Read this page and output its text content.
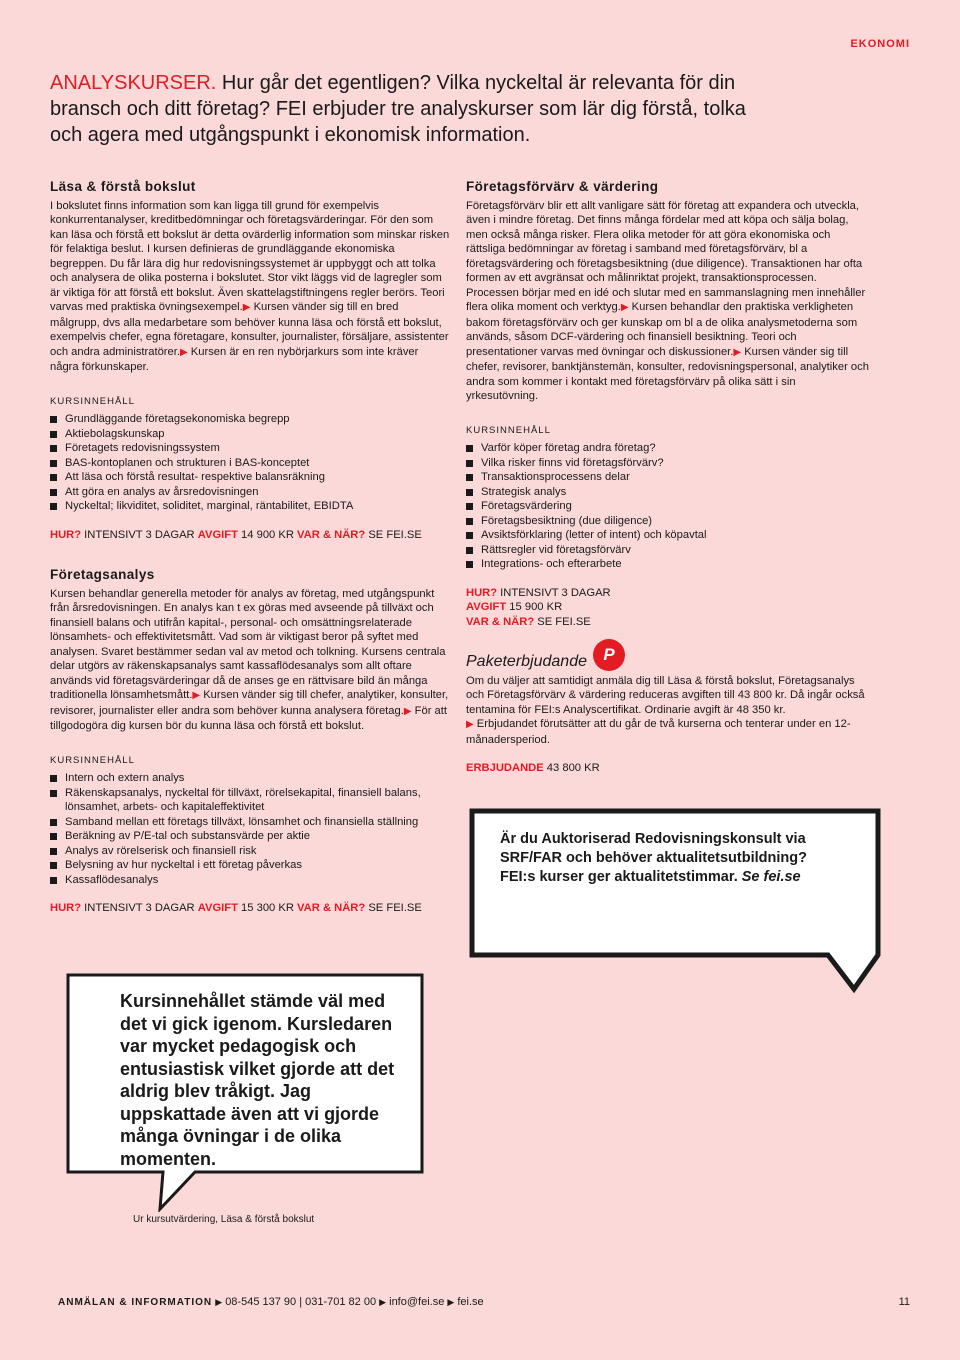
EKONOMI
ANALYSKURSER. Hur går det egentligen? Vilka nyckeltal är relevanta för din bransch och ditt företag? FEI erbjuder tre analyskurser som lär dig förstå, tolka och agera med utgångspunkt i ekonomisk information.
Läsa & förstå bokslut

I bokslutet finns information som kan ligga till grund för exempelvis konkurrentanalyser, kreditbedömningar och företagsvärderingar. För den som kan läsa och förstå ett bokslut är detta ovärderlig information som minskar risken för felaktiga beslut. I kursen definieras de grundläggande ekonomiska begreppen. Du får lära dig hur redovisningssystemet är uppbyggt och att tolka och analysera de olika posterna i bokslutet. Stor vikt läggs vid de lagregler som är viktiga för att förstå ett bokslut. Även skattelagstiftningens regler berörs. Teori varvas med praktiska övningsexempel.▶ Kursen vänder sig till en bred målgrupp, dvs alla medarbetare som behöver kunna läsa och förstå ett bokslut, exempelvis chefer, egna företagare, konsulter, journalister, försäljare, assistenter och andra administratörer.▶ Kursen är en ren nybörjarkurs som inte kräver några förkunskaper.

KURSINNEHÅLL
Grundläggande företagsekonomiska begrepp
Aktiebolagskunskap
Företagets redovisningssystem
BAS-kontoplanen och strukturen i BAS-konceptet
Att läsa och förstå resultat- respektive balansräkning
Att göra en analys av årsredovisningen
Nyckeltal; likviditet, soliditet, marginal, räntabilitet, EBIDTA

HUR? INTENSIVT 3 DAGAR AVGIFT 14 900 KR VAR & NÄR? SE FEI.SE

Företagsanalys

Kursen behandlar generella metoder för analys av företag, med utgångspunkt från årsredovisningen. En analys kan t ex göras med avseende på tillväxt och finansiell balans och utifrån kapital-, personal- och omsättningsrelaterade lönsamhets- och effektivitetsmått. Vad som är viktigast beror på syftet med analysen. Svaret bestämmer sedan val av metod och tolkning. Kursens centrala delar utgörs av räkenskapsanalys samt kassaflödesanalys som allt oftare används vid företagsvärderingar då de anses ge en rättvisare bild än många traditionella lönsamhetsmått.▶ Kursen vänder sig till chefer, analytiker, konsulter, revisorer, journalister eller andra som behöver kunna analysera företag.▶ För att tillgodogöra dig kursen bör du kunna läsa och förstå ett bokslut.

KURSINNEHÅLL
Intern och extern analys
Räkenskapsanalys, nyckeltal för tillväxt, rörelsekapital, finansiell balans, lönsamhet, arbets- och kapitaleffektivitet
Samband mellan ett företags tillväxt, lönsamhet och finansiella ställning
Beräkning av P/E-tal och substansvärde per aktie
Analys av rörelserisk och finansiell risk
Belysning av hur nyckeltal i ett företag påverkas
Kassaflödesanalys

HUR? INTENSIVT 3 DAGAR AVGIFT 15 300 KR VAR & NÄR? SE FEI.SE

Företagsförvärv & värdering

Företagsförvärv blir ett allt vanligare sätt för företag att expandera och utveckla, även i mindre företag. Det finns många fördelar med att köpa och sälja bolag, men också många risker. Flera olika metoder för att göra ekonomiska och rättsliga bedömningar av företag i samband med företagsförvärv, bl a företagsvärdering och företagsbesiktning (due diligence). Transaktionen har ofta formen av ett avgränsat och målinriktat projekt, transaktionsprocessen. Processen börjar med en idé och slutar med en sammanslagning men innehåller flera olika moment och verktyg.▶ Kursen behandlar den praktiska verkligheten bakom företagsförvärv och ger kunskap om bl a de olika analysmetoderna som används, såsom DCF-värdering och finansiell besiktning. Teori och presentationer varvas med övningar och diskussioner.▶ Kursen vänder sig till chefer, revisorer, banktjänstemän, konsulter, redovisningspersonal, analytiker och andra som kommer i kontakt med företagsförvärv på olika sätt i sin yrkesutövning.

KURSINNEHÅLL
Varför köper företag andra företag?
Vilka risker finns vid företagsförvärv?
Transaktionsprocessens delar
Strategisk analys
Företagsvärdering
Företagsbesiktning (due diligence)
Avsiktsförklaring (letter of intent) och köpavtal
Rättsregler vid företagsförvärv
Integrations- och efterarbete

HUR? INTENSIVT 3 DAGAR
AVGIFT 15 900 KR
VAR & NÄR? SE FEI.SE

Paketerbjudande P

Om du väljer att samtidigt anmäla dig till Läsa & förstå bokslut, Företagsanalys och Företagsförvärv & värdering reduceras avgiften till 43 800 kr. Då ingår också tentamina för FEI:s Analyscertifikat. Ordinarie avgift är 48 350 kr.
▶ Erbjudandet förutsätter att du går de två kurserna och tenterar under en 12-månadersperiod.

ERBJUDANDE 43 800 KR

Är du Auktoriserad Redovisningskonsult via SRF/FAR och behöver aktualitetsutbildning? FEI:s kurser ger aktualitetstimmar. Se fei.se
Kursinnehållet stämde väl med det vi gick igenom. Kursledaren var mycket pedagogisk och entusiastisk vilket gjorde att det aldrig blev tråkigt. Jag uppskattade även att vi gjorde många övningar i de olika momenten.
Ur kursutvärdering, Läsa & förstå bokslut
ANMÄLAN & INFORMATION ▶ 08-545 137 90 | 031-701 82 00 ▶ info@fei.se ▶ fei.se	11
